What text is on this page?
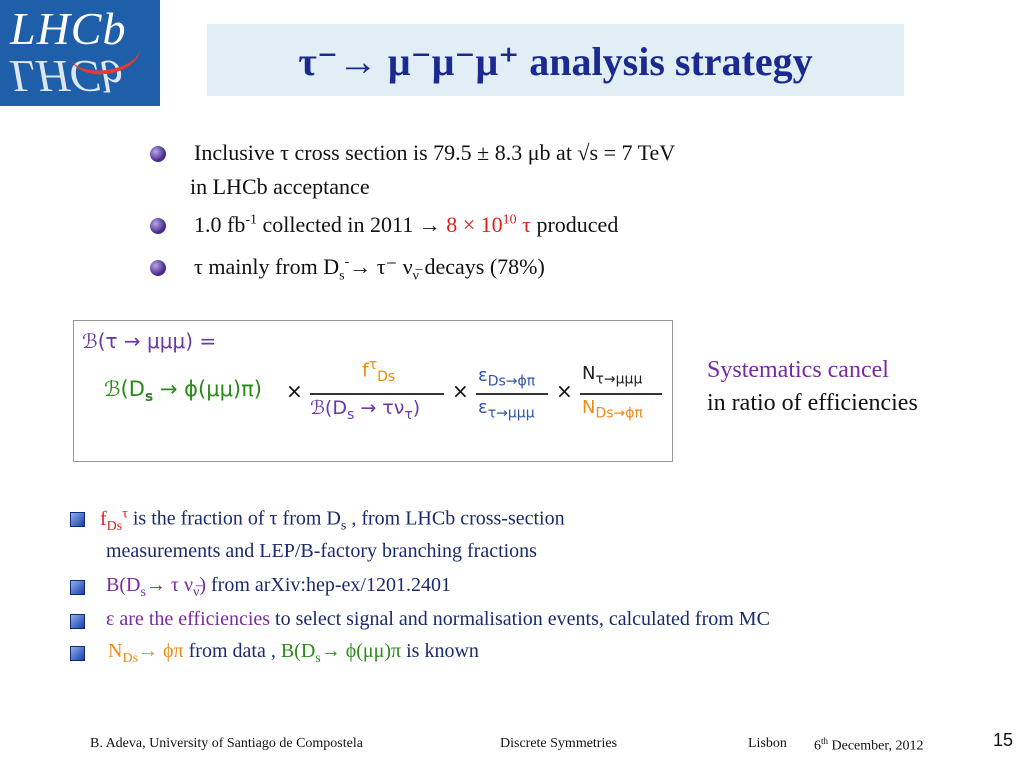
LHCb
LHCb	τ⁻→ μ⁻μ⁻μ⁺ analysis strategy
Inclusive τ cross section is 79.5 ± 8.3 μb at √s = 7 TeV
in LHCb acceptance
1.0 $fb^{-1}$ collected in $2011 \to 8 \times 10^{10}$ τ produced
τ mainly from $D_s^-\to \tau^-$ $\nu_{\nu̅}$ decays (78%)
ℬ(τ → μμμ) =
$ℬ(D_s \to \phi(\mu\mu)\pi)$ ×
$f^\tau_{Ds}$
$ℬ(D_s \to \tau\nu_\tau)$
×
$\varepsilon_{Ds\to\phi\pi}$
$\varepsilon_{\tau\to\mu\mu\mu}$
×
$N_{\tau\to\mu\mu\mu}$
$N_{Ds\to\phi\pi}$
Systematics cancel
in ratio of efficiencies
$f_{Ds}^\tau$ is the fraction of τ from $D_s$ , from LHCb cross-section
measurements and LEP/B-factory branching fractions
$B(D_s\to \tau$ $\nu_{\nu̅}$) from arXiv:hep-ex/1201.2401
ε are the efficiencies to select signal and normalisation events, calculated from MC
$N_{Ds}\to \phi\pi$ from data , $B(D_s\to \phi(\mu\mu)\pi$ is known
B. Adeva, University of Santiago de Compostela	Discrete Symmetries	Lisbon 6th December, 2012	15
